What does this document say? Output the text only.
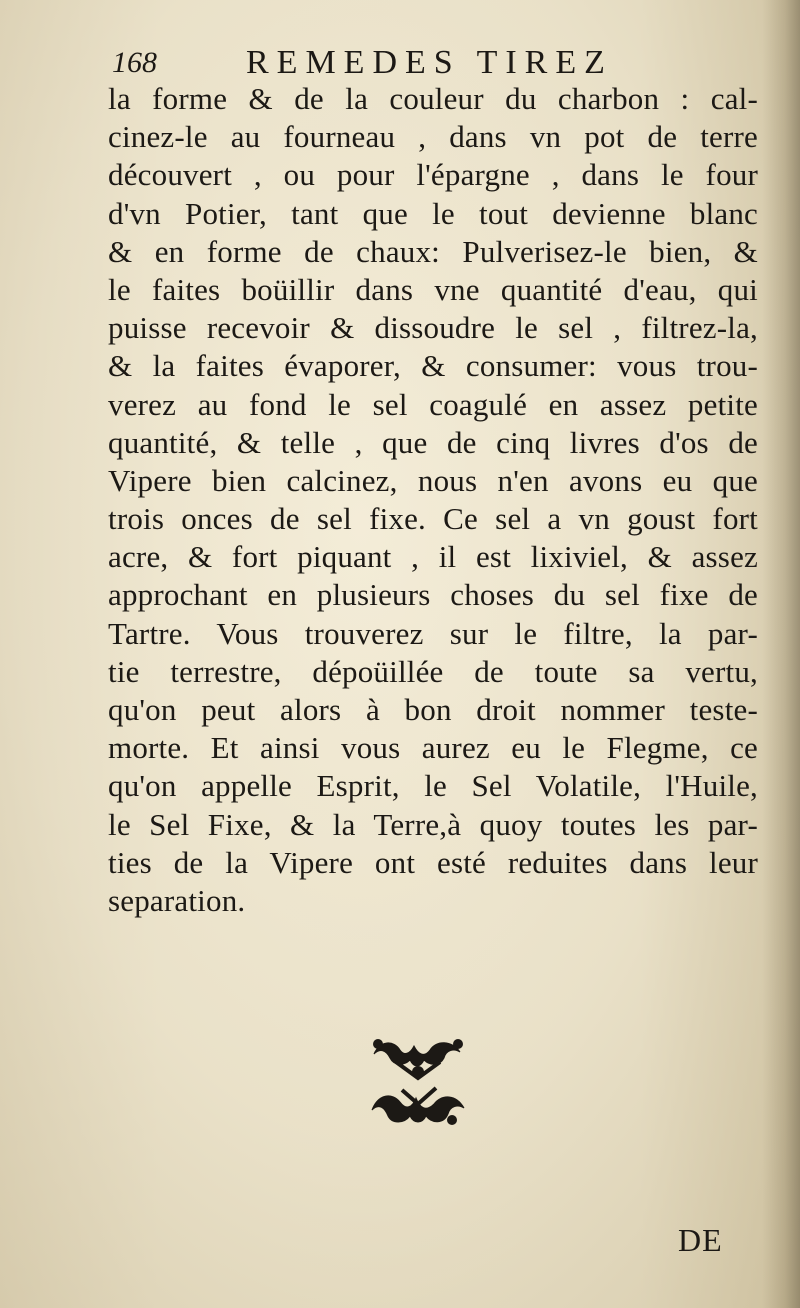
168	REMEDES TIREZ
la forme & de la couleur du charbon : cal-
cinez-le au fourneau , dans vn pot de terre
découvert , ou pour l'épargne , dans le four
d'vn Potier, tant que le tout devienne blanc
& en forme de chaux: Pulverisez-le bien, &
le faites boüillir dans vne quantité d'eau, qui
puisse recevoir & dissoudre le sel , filtrez-la,
& la faites évaporer, & consumer: vous trou-
verez au fond le sel coagulé en assez petite
quantité, & telle , que de cinq livres d'os de
Vipere bien calcinez, nous n'en avons eu que
trois onces de sel fixe. Ce sel a vn goust fort
acre, & fort piquant , il est lixiviel, & assez
approchant en plusieurs choses du sel fixe de
Tartre. Vous trouverez sur le filtre, la par-
tie terrestre, dépoüillée de toute sa vertu,
qu'on peut alors à bon droit nommer teste-
morte. Et ainsi vous aurez eu le Flegme, ce
qu'on appelle Esprit, le Sel Volatile, l'Huile,
le Sel Fixe, & la Terre,à quoy toutes les par-
ties de la Vipere ont esté reduites dans leur
separation.
DE
